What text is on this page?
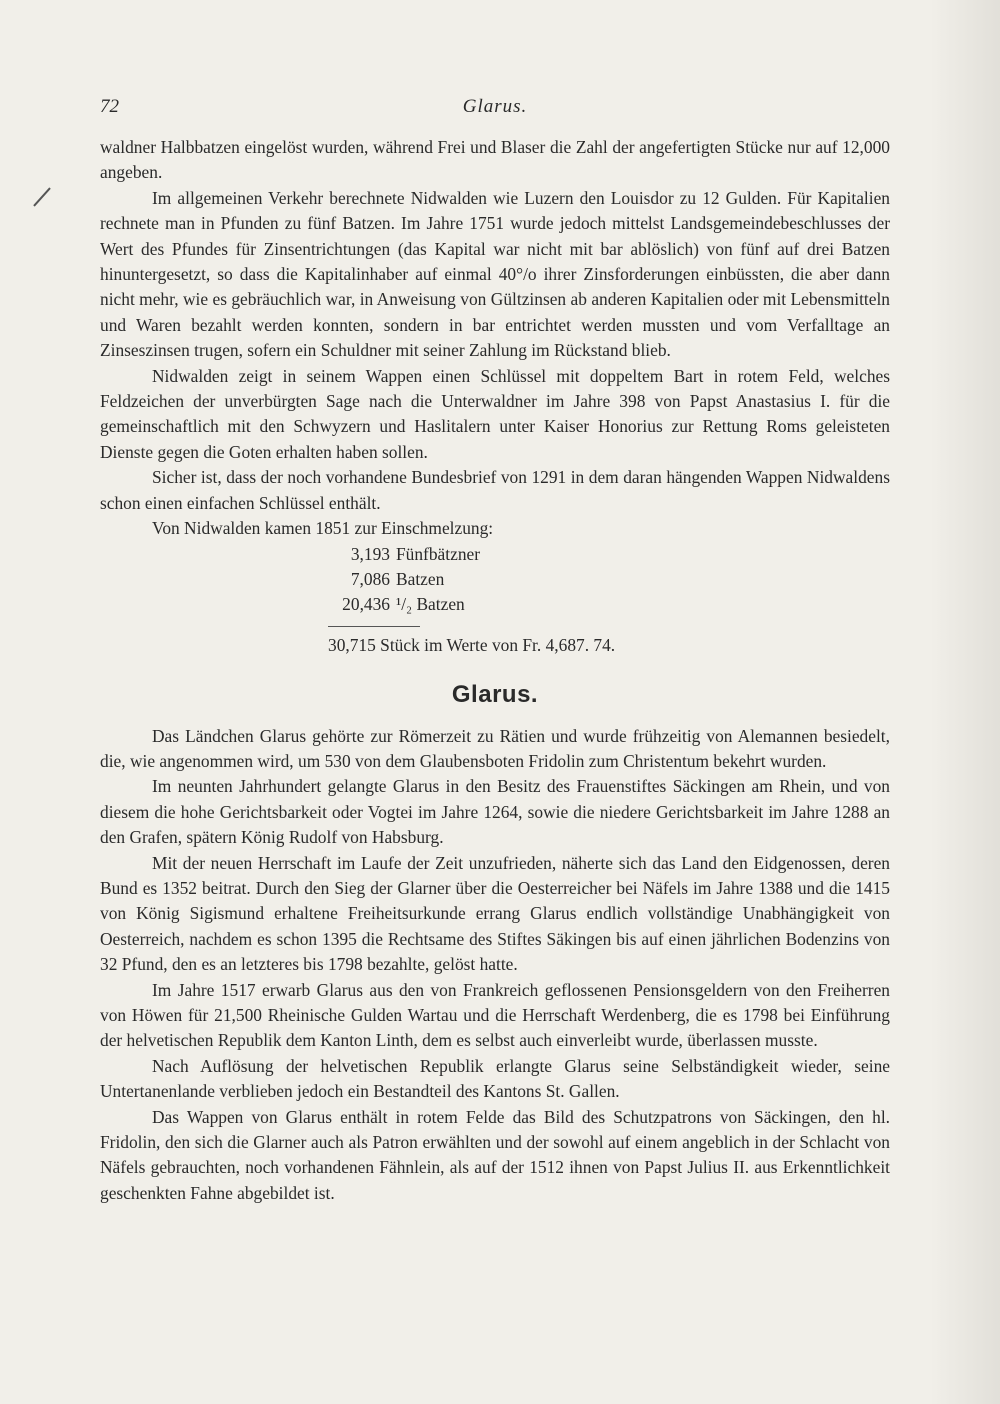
72	Glarus.

waldner Halbbatzen eingelöst wurden, während Frei und Blaser die Zahl der angefertigten Stücke nur auf 12,000 angeben.

Im allgemeinen Verkehr berechnete Nidwalden wie Luzern den Louisdor zu 12 Gulden. Für Kapitalien rechnete man in Pfunden zu fünf Batzen. Im Jahre 1751 wurde jedoch mittelst Landsgemeindebeschlusses der Wert des Pfundes für Zinsentrichtungen (das Kapital war nicht mit bar ablöslich) von fünf auf drei Batzen hinuntergesetzt, so dass die Kapitalinhaber auf einmal 40°/o ihrer Zinsforderungen einbüssten, die aber dann nicht mehr, wie es gebräuchlich war, in Anweisung von Gültzinsen ab anderen Kapitalien oder mit Lebensmitteln und Waren bezahlt werden konnten, sondern in bar entrichtet werden mussten und vom Verfalltage an Zinseszinsen trugen, sofern ein Schuldner mit seiner Zahlung im Rückstand blieb.

Nidwalden zeigt in seinem Wappen einen Schlüssel mit doppeltem Bart in rotem Feld, welches Feldzeichen der unverbürgten Sage nach die Unterwaldner im Jahre 398 von Papst Anastasius I. für die gemeinschaftlich mit den Schwyzern und Haslitalern unter Kaiser Honorius zur Rettung Roms geleisteten Dienste gegen die Goten erhalten haben sollen.

Sicher ist, dass der noch vorhandene Bundesbrief von 1291 in dem daran hängenden Wappen Nidwaldens schon einen einfachen Schlüssel enthält.

Von Nidwalden kamen 1851 zur Einschmelzung:

3,193 Fünfbätzner
7,086 Batzen
20,436 ¹/₂ Batzen
30,715 Stück im Werte von Fr. 4,687. 74.
Glarus.

Das Ländchen Glarus gehörte zur Römerzeit zu Rätien und wurde frühzeitig von Alemannen besiedelt, die, wie angenommen wird, um 530 von dem Glaubensboten Fridolin zum Christentum bekehrt wurden.

Im neunten Jahrhundert gelangte Glarus in den Besitz des Frauenstiftes Säckingen am Rhein, und von diesem die hohe Gerichtsbarkeit oder Vogtei im Jahre 1264, sowie die niedere Gerichtsbarkeit im Jahre 1288 an den Grafen, spätern König Rudolf von Habsburg.

Mit der neuen Herrschaft im Laufe der Zeit unzufrieden, näherte sich das Land den Eidgenossen, deren Bund es 1352 beitrat. Durch den Sieg der Glarner über die Oesterreicher bei Näfels im Jahre 1388 und die 1415 von König Sigismund erhaltene Freiheitsurkunde errang Glarus endlich vollständige Unabhängigkeit von Oesterreich, nachdem es schon 1395 die Rechtsame des Stiftes Säkingen bis auf einen jährlichen Bodenzins von 32 Pfund, den es an letzteres bis 1798 bezahlte, gelöst hatte.

Im Jahre 1517 erwarb Glarus aus den von Frankreich geflossenen Pensionsgeldern von den Freiherren von Höwen für 21,500 Rheinische Gulden Wartau und die Herrschaft Werdenberg, die es 1798 bei Einführung der helvetischen Republik dem Kanton Linth, dem es selbst auch einverleibt wurde, überlassen musste.

Nach Auflösung der helvetischen Republik erlangte Glarus seine Selbständigkeit wieder, seine Untertanenlande verblieben jedoch ein Bestandteil des Kantons St. Gallen.

Das Wappen von Glarus enthält in rotem Felde das Bild des Schutzpatrons von Säckingen, den hl. Fridolin, den sich die Glarner auch als Patron erwählten und der sowohl auf einem angeblich in der Schlacht von Näfels gebrauchten, noch vorhandenen Fähnlein, als auf der 1512 ihnen von Papst Julius II. aus Erkenntlichkeit geschenkten Fahne abgebildet ist.
